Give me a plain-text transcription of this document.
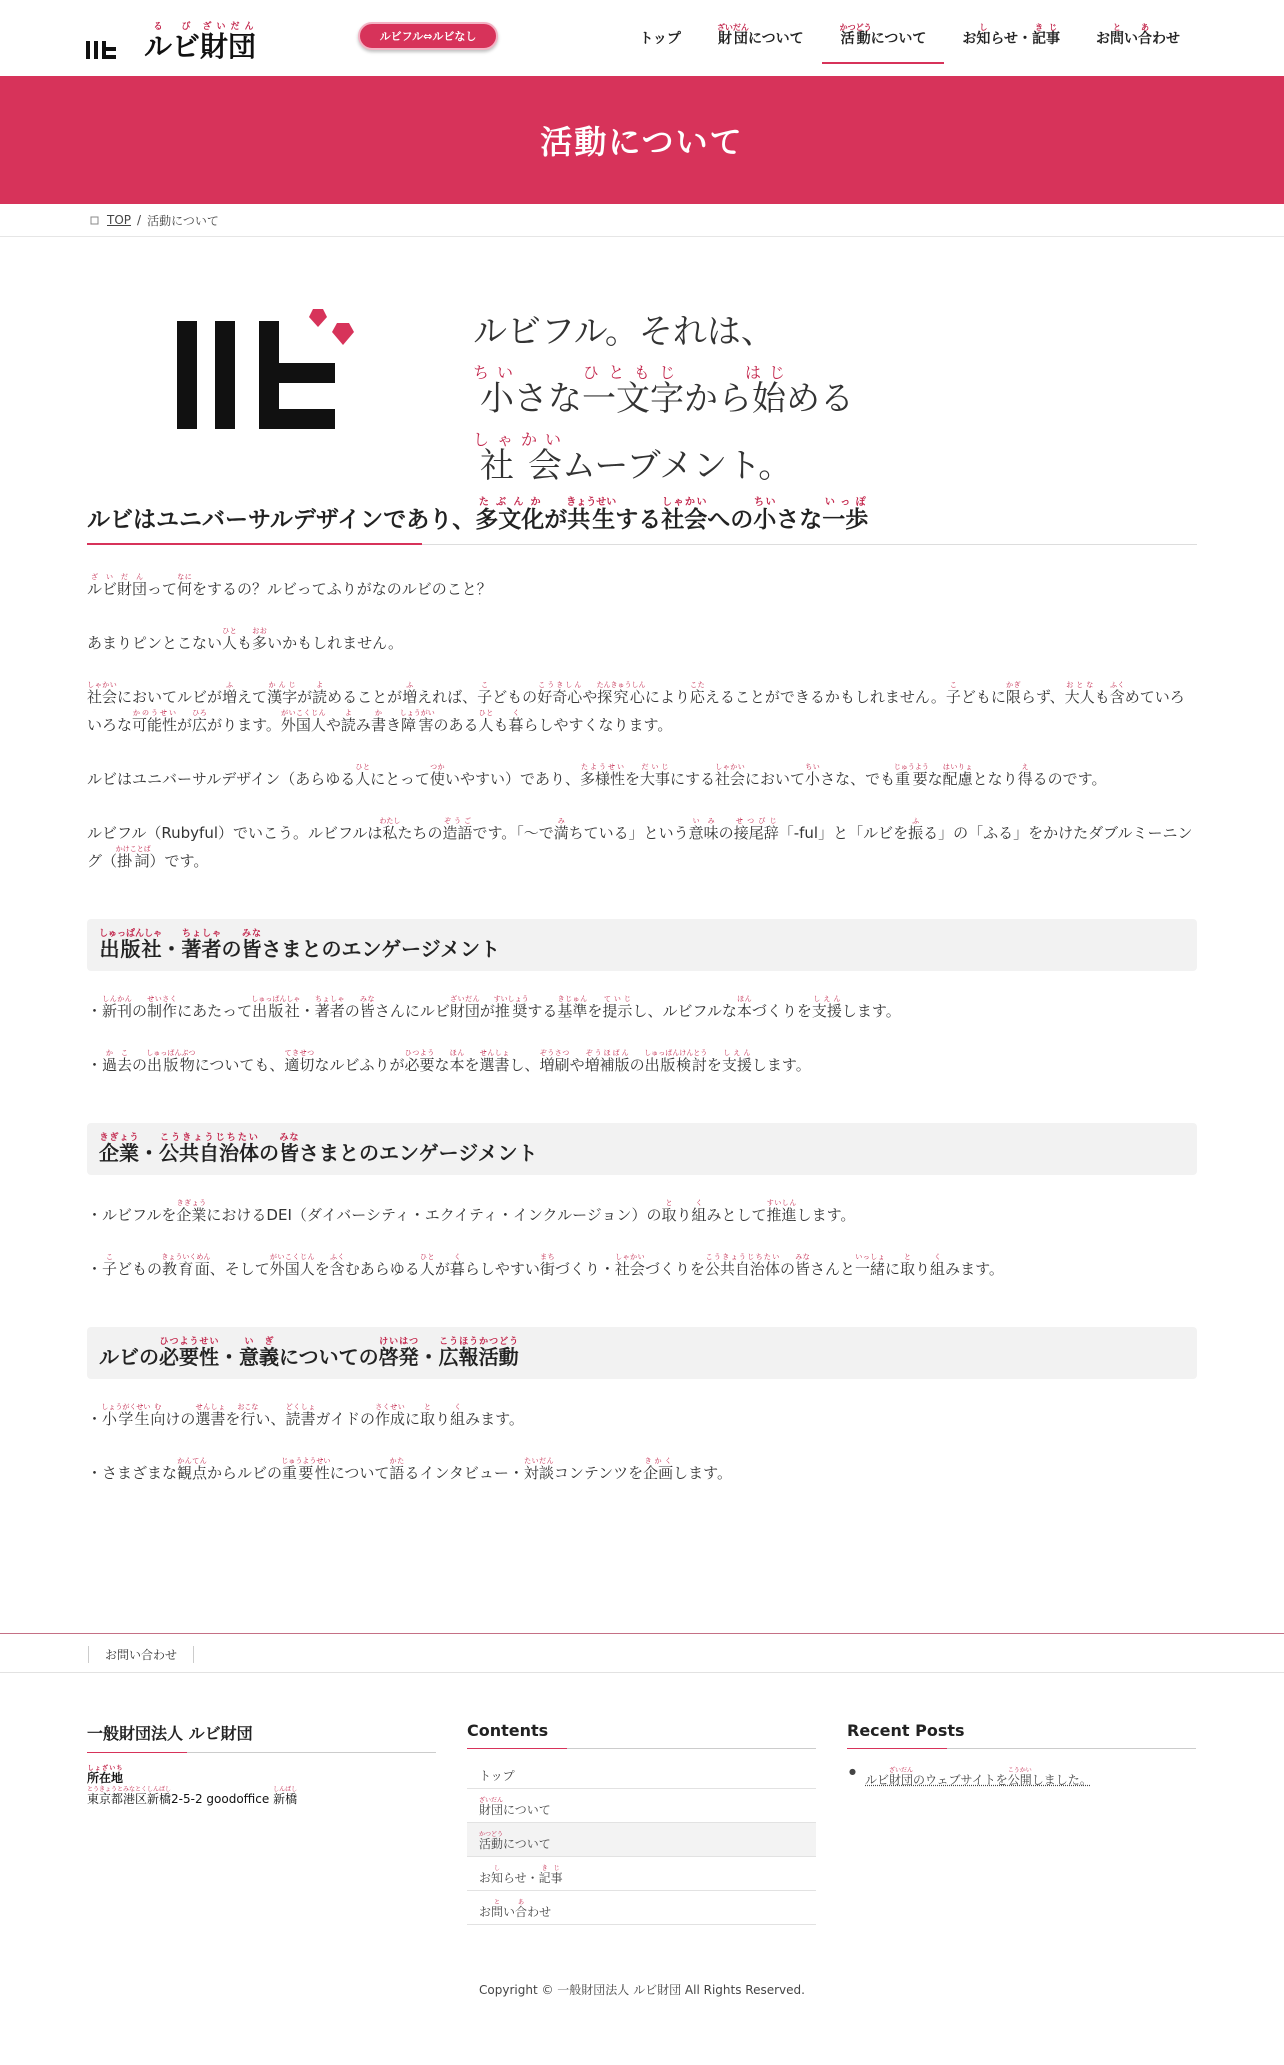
ルるビび財団ざいだん
ルビフル⇔ルビなし	トップ	財団ざいだんについて	活動かつどうについて	お知しらせ・記事きじ
お問とい合あわせ
活動について
TOP / 活動について
ルビフル。それは、
小ちいさな一文字ひともじから始はじめる
社会しゃかいムーブメント。
ルビはユニバーサルデザインであり、多文化たぶんかが共生きょうせいする社会しゃかいへの小ちいさな一歩いっぽ

ルビ財団ざいだんって何なにをするの？ルビってふりがなのルビのこと？

あまりピンとこない人ひとも多おおいかもしれません。

社会しゃかいにおいてルビが増ふえて漢字かんじが読よめることが増ふえれば、子こどもの好奇心こうきしんや探究心たんきゅうしんにより応こたえることができるかもしれません。子こどもに限かぎらず、大人おとなも含ふくめていろいろな可能性かのうせいが広ひろがります。外国人がいこくじんや読よみ書かき障害しょうがいのある人ひとも暮くらしやすくなります。

ルビはユニバーサルデザイン（あらゆる人ひとにとって使つかいやすい）であり、多様性たようせいを大事だいじにする社会しゃかいにおいて小ちいさな、でも重要じゅうような配慮はいりょとなり得えるのです。

ルビフル（Rubyful）でいこう。ルビフルは私わたしたちの造語ぞうごです。「〜で満みちている」という意味いみの接尾辞せつびじ「-ful」と「ルビを振ふる」の「ふる」をかけたダブルミーニング（掛詞かけことば）です。

出版社しゅっぱんしゃ・著者ちょしゃの皆みなさまとのエンゲージメント

・新刊しんかんの制作せいさくにあたって出版社しゅっぱんしゃ・著者ちょしゃの皆みなさんにルビ財団ざいだんが推奨すいしょうする基準きじゅんを提示ていじし、ルビフルな本ほんづくりを支援しえんします。

・過去かこの出版物しゅっぱんぶつについても、適切てきせつなルビふりが必要ひつような本ほんを選書せんしょし、増刷ぞうさつや増補版ぞうほばんの出版検討しゅっぱんけんとうを支援しえんします。

企業きぎょう・公共自治体こうきょうじちたいの皆みなさまとのエンゲージメント

・ルビフルを企業きぎょうにおけるDEI（ダイバーシティ・エクイティ・インクルージョン）の取とり組くみとして推進すいしんします。

・子こどもの教育面きょういくめん、そして外国人がいこくじんを含ふくむあらゆる人ひとが暮くらしやすい街まちづくり・社会しゃかいづくりを公共自治体こうきょうじちたいの皆みなさんと一緒いっしょに取とり組くみます。

ルビの必要性ひつようせい・意義いぎについての啓発けいはつ・広報活動こうほうかつどう

・小学生しょうがくせい向むけの選書せんしょを行おこない、読書どくしょガイドの作成さくせいに取とり組くみます。

・さまざまな観点かんてんからルビの重要性じゅうようせいについて語かたるインタビュー・対談たいだんコンテンツを企画きかくします。

お問い合わせ
一般財団法人 ルビ財団
所在地しょざいち
東京都港区新橋とうきょうとみなとくしんばし2-5-2 goodoffice 新橋しんばし
Contents
トップ
財団ざいだんについて
活動かつどうについて
お知しらせ・記事きじ
お問とい合あわせ
Recent Posts
● ルビ財団ざいだんのウェブサイトを公開こうかいしました。
Copyright © 一般財団法人 ルビ財団 All Rights Reserved.
